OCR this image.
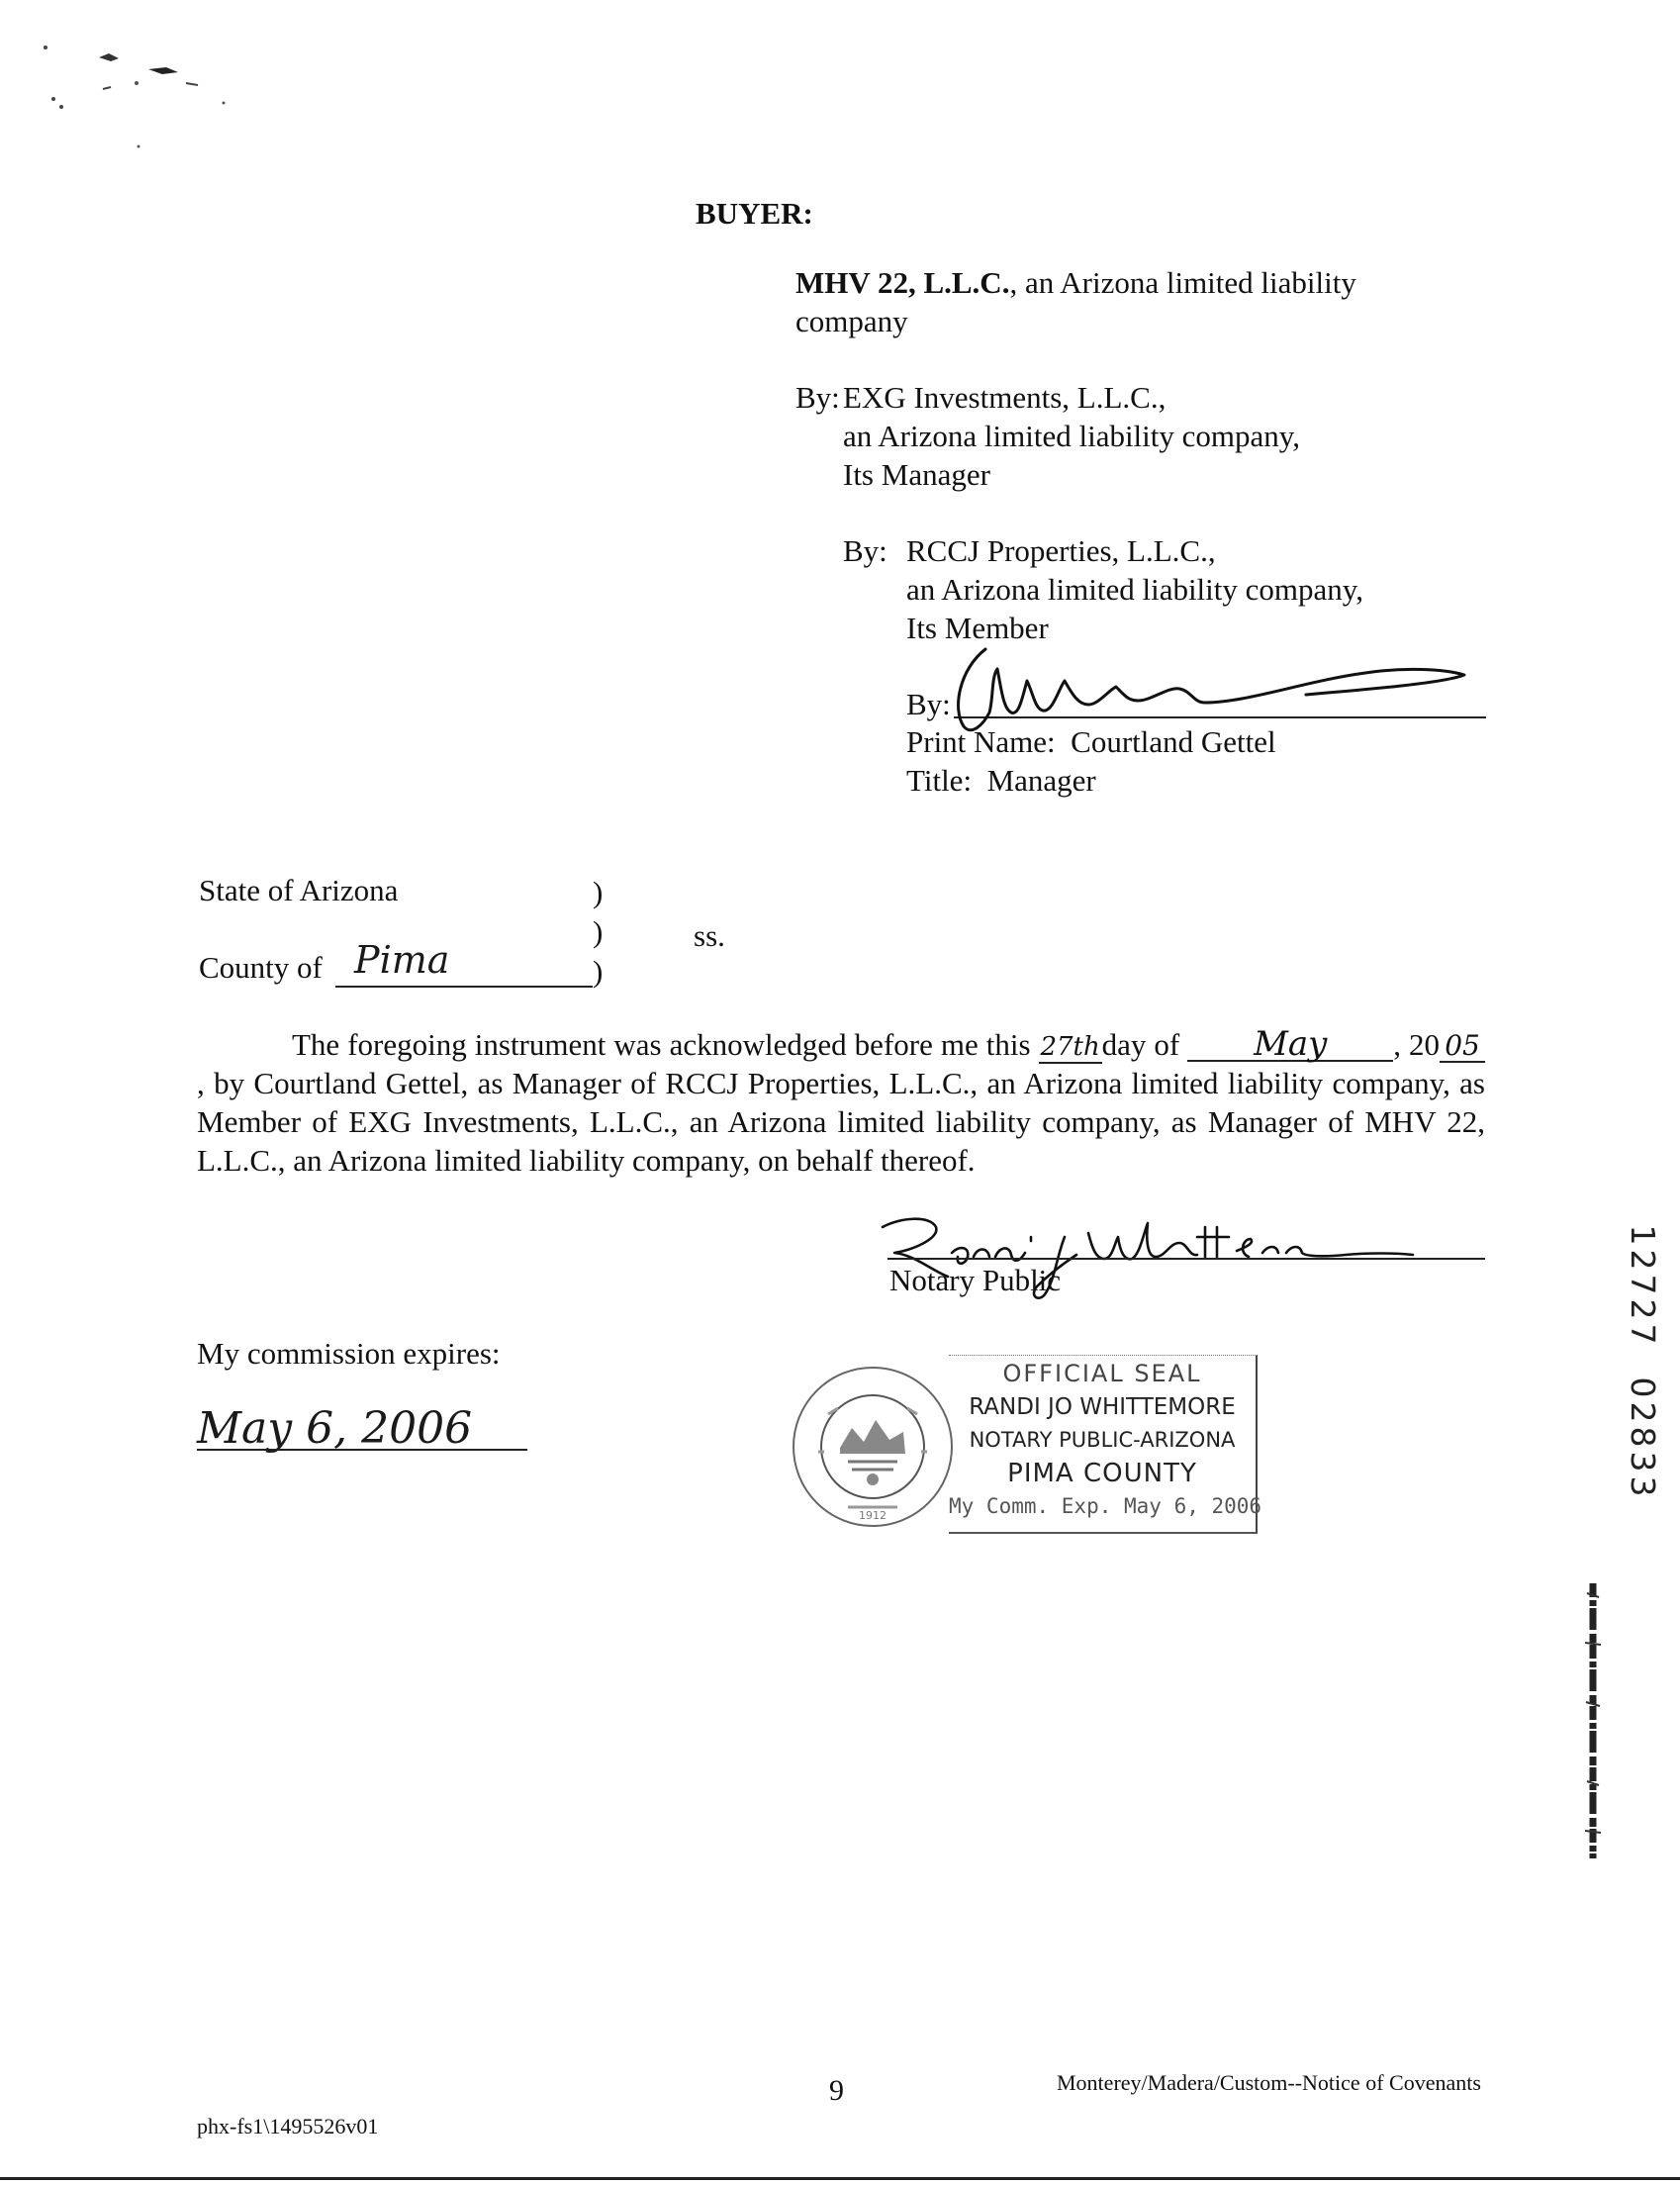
BUYER:
MHV 22, L.L.C., an Arizona limited liability
company
By: EXG Investments, L.L.C.,
an Arizona limited liability company,
Its Manager
By: RCCJ Properties, L.L.C.,
an Arizona limited liability company,
Its Member
By:
Print Name: Courtland Gettel
Title: Manager
State of Arizona	)
)	ss.
County of Pima	)
The foregoing instrument was acknowledged before me this 27thday of May , 20 05, by Courtland Gettel, as Manager of RCCJ Properties, L.L.C., an Arizona limited liability company, as Member of EXG Investments, L.L.C., an Arizona limited liability company, as Manager of MHV 22, L.L.C., an Arizona limited liability company, on behalf thereof.
Notary Public
My commission expires:
May 6, 2006
1912
OFFICIAL SEAL
RANDI JO WHITTEMORE
NOTARY PUBLIC-ARIZONA
PIMA COUNTY
My Comm. Exp. May 6, 2006
12727  02833
9	Monterey/Madera/Custom--Notice of Covenants
phx-fs1\1495526v01
